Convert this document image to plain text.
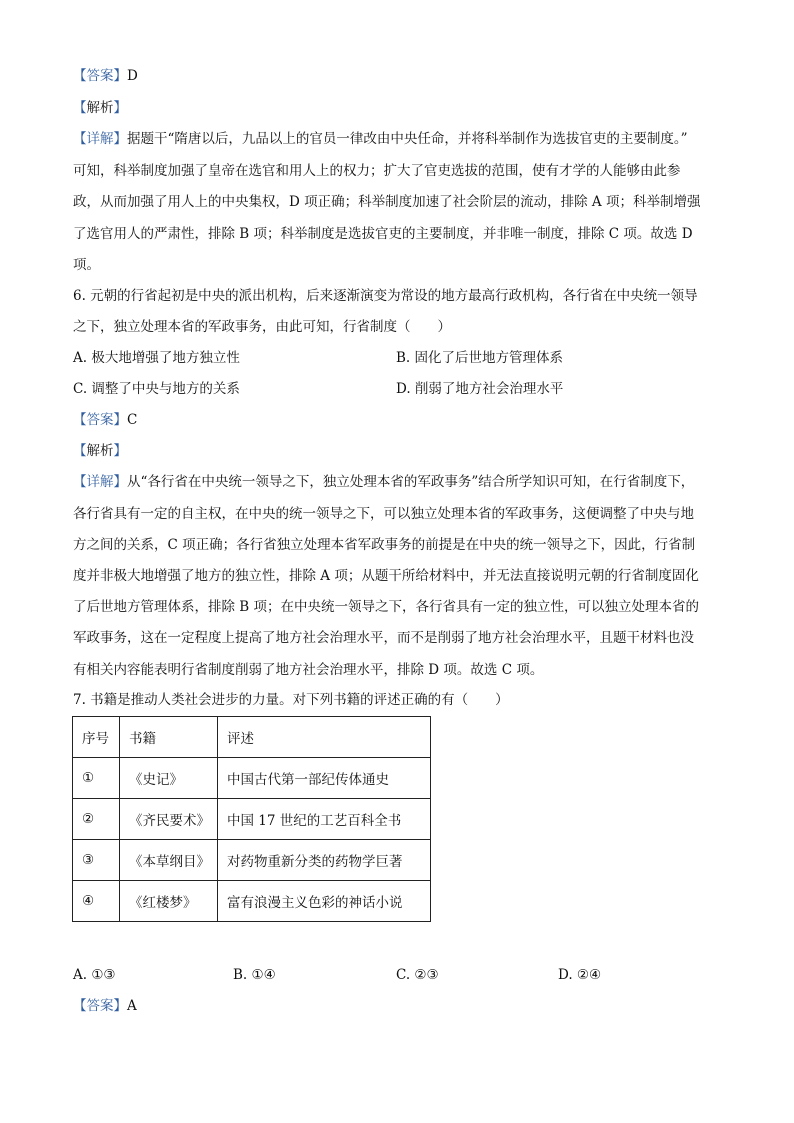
【答案】D
【解析】
【详解】据题干“隋唐以后，九品以上的官员一律改由中央任命，并将科举制作为选拔官吏的主要制度。”
可知，科举制度加强了皇帝在选官和用人上的权力；扩大了官吏选拔的范围，使有才学的人能够由此参
政，从而加强了用人上的中央集权，D 项正确；科举制度加速了社会阶层的流动，排除 A 项；科举制增强
了选官用人的严肃性，排除 B 项；科举制度是选拔官吏的主要制度，并非唯一制度，排除 C 项。故选 D
项。
6. 元朝的行省起初是中央的派出机构，后来逐渐演变为常设的地方最高行政机构，各行省在中央统一领导
之下，独立处理本省的军政事务，由此可知，行省制度（　　）
A. 极大地增强了地方独立性	B. 固化了后世地方管理体系
C. 调整了中央与地方的关系	D. 削弱了地方社会治理水平
【答案】C
【解析】
【详解】从“各行省在中央统一领导之下，独立处理本省的军政事务”结合所学知识可知，在行省制度下，
各行省具有一定的自主权，在中央的统一领导之下，可以独立处理本省的军政事务，这便调整了中央与地
方之间的关系，C 项正确；各行省独立处理本省军政事务的前提是在中央的统一领导之下，因此，行省制
度并非极大地增强了地方的独立性，排除 A 项；从题干所给材料中，并无法直接说明元朝的行省制度固化
了后世地方管理体系，排除 B 项；在中央统一领导之下，各行省具有一定的独立性，可以独立处理本省的
军政事务，这在一定程度上提高了地方社会治理水平，而不是削弱了地方社会治理水平，且题干材料也没
有相关内容能表明行省制度削弱了地方社会治理水平，排除 D 项。故选 C 项。
7. 书籍是推动人类社会进步的力量。对下列书籍的评述正确的有（　　）
序号	书籍	评述
①	《史记》	中国古代第一部纪传体通史
②	《齐民要术》	中国 17 世纪的工艺百科全书
③	《本草纲目》	对药物重新分类的药物学巨著
④	《红楼梦》	富有浪漫主义色彩的神话小说
A. ①③	B. ①④	C. ②③	D. ②④
【答案】A
